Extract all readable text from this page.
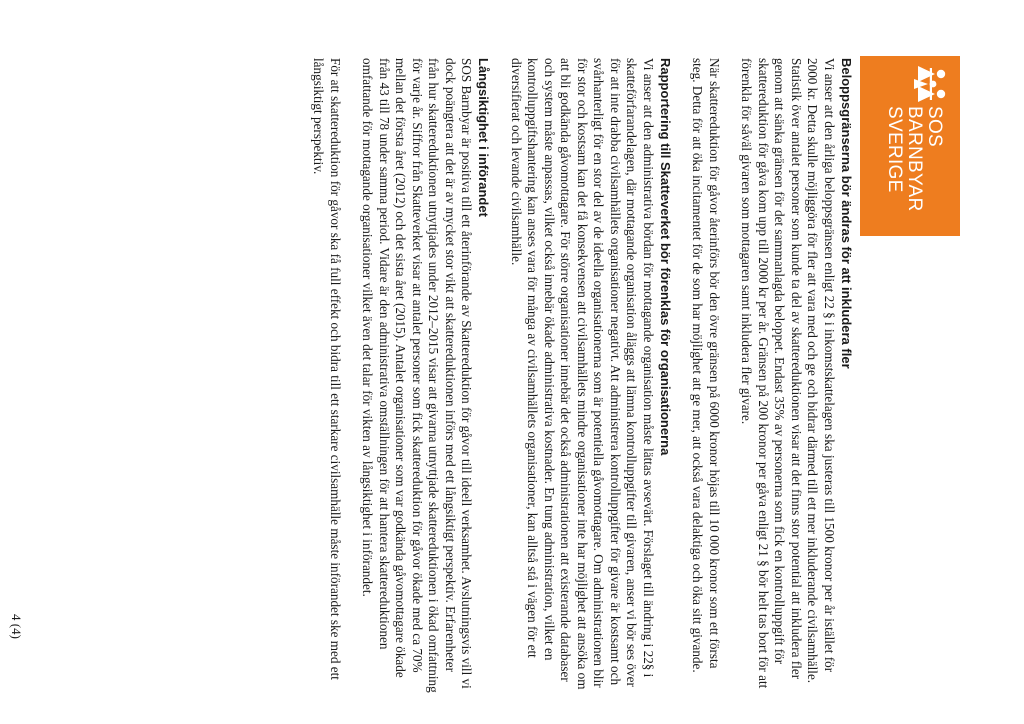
SOS BARNBYAR
SVERIGE
Beloppsgränserna bör ändras för att inkludera fler

Vi anser att den årliga beloppsgränsen enligt 22 § i inkomstskattelagen ska justeras till 1500 kronor per år istället för 2000 kr. Detta skulle möjliggöra för fler att vara med och ge och bidrar därmed till ett mer inkluderande civilsamhälle. Statistik över antalet personer som kunde ta del av skattereduktionen visar att det finns stor potential att inkludera fler genom att sänka gränsen för det sammanlagda beloppet. Endast 35% av personerna som fick en kontrolluppgift för skattereduktion för gåva kom upp till 2000 kr per år. Gränsen på 200 kronor per gåva enligt 21 § bör helt tas bort för att förenkla för såväl givaren som mottagaren samt inkludera fler givare.

När skattereduktion för gåvor återinförs bör den övre gränsen på 6000 kronor höjas till 10 000 kronor som ett första steg. Detta för att öka incitamentet för de som har möjlighet att ge mer, att också vara delaktiga och öka sitt givande.

Rapportering till Skatteverket bör förenklas för organisationerna

Vi anser att den administrativa bördan för mottagande organisation måste lättas avsevärt. Förslaget till ändring i 22§ i skatteförfarandelagen, där mottagande organisation åläggs att lämna kontrolluppgifter till givaren, anser vi bör ses över för att inte drabba civilsamhällets organisationer negativt. Att administrera kontrolluppgifter för givare är kostsamt och svårhanterligt för en stor del av de ideella organisationerna som är potentiella gåvomottagare. Om administrationen blir för stor och kostsam kan det få konsekvensen att civilsamhällets mindre organisationer inte har möjlighet att ansöka om att bli godkända gåvomottagare. För större organisationer innebär det också administrationen att existerande databaser och system måste anpassas, vilket också innebär ökade administrativa kostnader. En tung administration, vilket en kontrolluppgiftshantering kan anses vara för många av civilsamhällets organisationer, kan alltså stå i vägen för ett diversifierat och levande civilsamhälle.

Långsiktighet i införandet

SOS Barnbyar är positiva till ett återinförande av Skattereduktion för gåvor till ideell verksamhet. Avslutningsvis vill vi dock poängtera att det är av mycket stor vikt att skattereduktionen införs med ett långsiktigt perspektiv. Erfarenheter från hur skattereduktionen utnyttjades under 2012–2015 visar att givarna utnyttjade skattereduktionen i ökad omfattning för varje år. Siffror från Skatteverket visar att antalet personer som fick skattereduktion för gåvor ökade med ca 70% mellan det första året (2012) och det sista året (2015). Antalet organisationer som var godkända gåvomottagare ökade från 43 till 78 under samma period. Vidare är den administrativa omställningen för att hantera skattereduktionen omfattande för mottagande organisationer vilket även det talar för vikten av långsiktighet i införandet.

För att skattereduktion för gåvor ska få full effekt och bidra till ett starkare civilsamhälle måste införandet ske med ett långsiktigt perspektiv.

4 (4)
